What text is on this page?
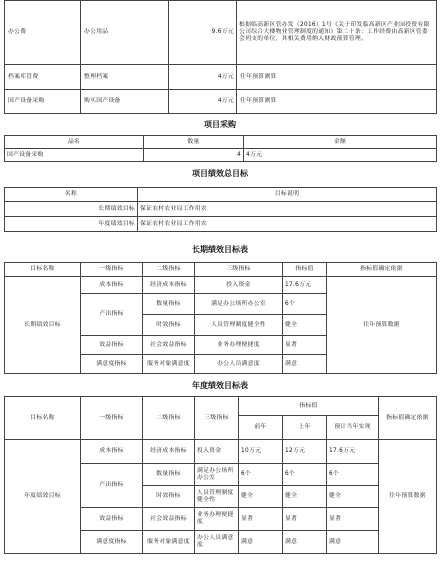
办公费	办公用品	9.6万元	根据临高新区管办发（2016）1号《关于印发临高新区产业园投资有限公司综合大楼物业管理制度的通知》第二十条：工作经费由高新区管委会列支的单位，其相关费用纳入财政预算管理。
档案库管费	整理档案	4万元	往年预算测算
国产设备采购	购买国产设备	4万元	往年预算测算
项目采购
品名	数量	金额
国产设备采购	4	4万元
项目绩效总目标
名称	目标说明
长期绩效目标	保证农村农业局工作用农
年度绩效目标	保证农村农业局工作用农
长期绩效目标表
目标名称	一级指标	二级指标	三级指标	指标值	指标值确定依据
长期绩效目标	成本指标	经济成本指标	投入资金	17.6万元	往年预算数据
	产出指标	数量指标	满足办公场所办公室	6个	
		时效指标	人员管理制度健全性	健全	
	效益指标	社会效益指标	业务办理便捷度	显著	
	满意度指标	服务对象满意度	办公人员满意度	满意	
年度绩效目标表
目标名称	一级指标	二级指标	三级指标	指标值			指标值确定依据
				前年	上年	预计当年实现	
年度绩效目标	成本指标	经济成本指标	投入资金	10万元	12万元	17.6万元	往年预算数据
	产出指标	数量指标	满足办公场所办公室	6个	6个	6个	
		时效指标	人员管理制度健全性	健全	健全	健全	
	效益指标	社会效益指标	业务办理便捷度	显著	显著	显著	
	满意度指标	服务对象满意度	办公人员满意度	满意	满意	满意	
